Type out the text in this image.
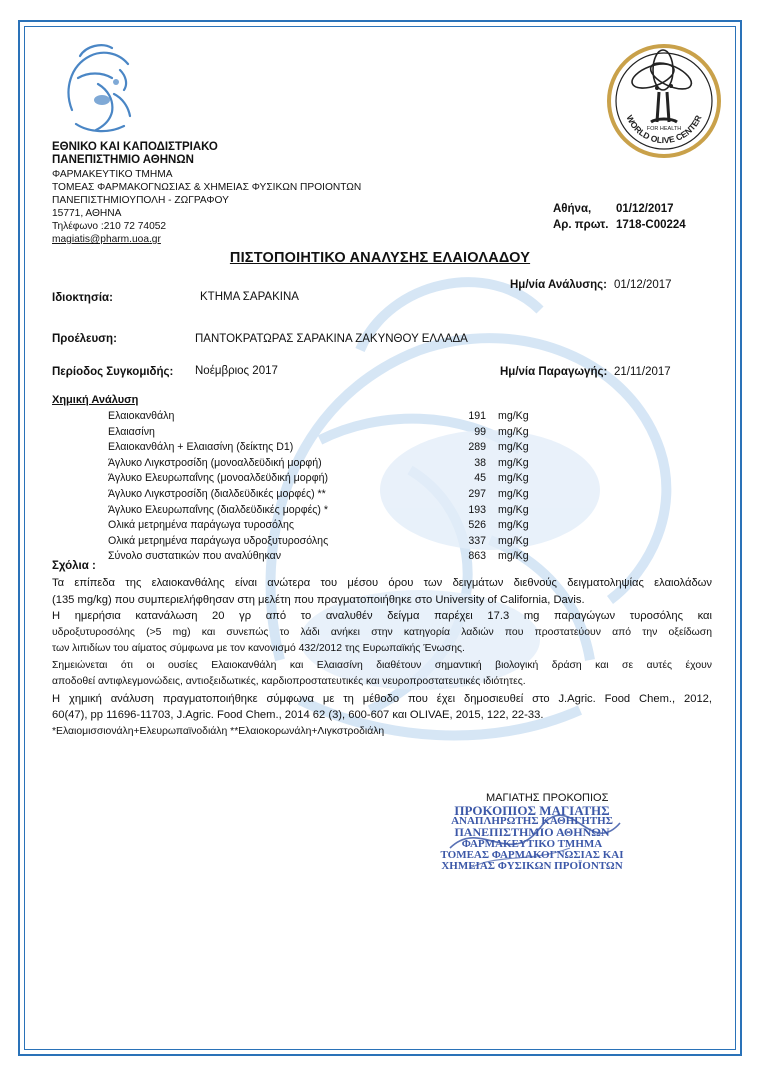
FOR HEALTH
WORLD OLIVE CENTER
ΕΘΝΙΚΟ ΚΑΙ ΚΑΠΟΔΙΣΤΡΙΑΚΟ
ΠΑΝΕΠΙΣΤΗΜΙΟ ΑΘΗΝΩΝ
ΦΑΡΜΑΚΕΥΤΙΚΟ ΤΜΗΜΑ
ΤΟΜΕΑΣ ΦΑΡΜΑΚΟΓΝΩΣΙΑΣ & ΧΗΜΕΙΑΣ ΦΥΣΙΚΩΝ ΠΡΟΙΟΝΤΩΝ
ΠΑΝΕΠΙΣΤΗΜΙΟΥΠΟΛΗ - ΖΩΓΡΑΦΟΥ
15771, ΑΘΗΝΑ
Τηλέφωνο :210 72 74052
magiatis@pharm.uoa.gr
Αθήνα, 01/12/2017
Αρ. πρωτ. 1718-C00224
ΠΙΣΤΟΠΟΙΗΤΙΚΟ ΑΝΑΛΥΣΗΣ ΕΛΑΙΟΛΑΔΟΥ
Ημ/νία Ανάλυσης: 01/12/2017
Ιδιοκτησία:	ΚΤΗΜΑ ΣΑΡΑΚΙΝΑ
Προέλευση:	ΠΑΝΤΟΚΡΑΤΩΡΑΣ ΣΑΡΑΚΙΝΑ ΖΑΚΥΝΘΟΥ ΕΛΛΑΔΑ
Περίοδος Συγκομιδής: Νοέμβριος 2017	Ημ/νία Παραγωγής: 21/11/2017
Χημική Ανάλυση
Ελαιοκανθάλη	191 mg/Kg
Ελαιασίνη	99 mg/Kg
Ελαιοκανθάλη + Ελαιασίνη (δείκτης D1)	289 mg/Kg
Άγλυκο Λιγκστροσίδη (μονοαλδεϋδική μορφή)	38 mg/Kg
Άγλυκο Ελευρωπαΐνης (μονοαλδεϋδική μορφή)	45 mg/Kg
Άγλυκο Λιγκστροσίδη (διαλδεϋδικές μορφές) **	297 mg/Kg
Άγλυκο Ελευρωπαΐνης (διαλδεϋδικές μορφές) *	193 mg/Kg
Ολικά μετρημένα παράγωγα τυροσόλης	526 mg/Kg
Ολικά μετρημένα παράγωγα υδροξυτυροσόλης	337 mg/Kg
Σύνολο συστατικών που αναλύθηκαν	863 mg/Kg
Σχόλια :

Τα επίπεδα της ελαιοκανθάλης είναι ανώτερα του μέσου όρου των δειγμάτων διεθνούς δειγματοληψίας ελαιολάδων

(135 mg/kg) που συμπεριελήφθησαν στη μελέτη που πραγματοποιήθηκε στο University of California, Davis.

Η ημερήσια κατανάλωση 20 γρ από το αναλυθέν δείγμα παρέχει 17.3 mg παραγώγων τυροσόλης και

υδροξυτυροσόλης (>5 mg) και συνεπώς το λάδι ανήκει στην κατηγορία λαδιών που προστατεύουν από την οξείδωση

των λιπιδίων του αίματος σύμφωνα με τον κανονισμό 432/2012 της Ευρωπαϊκής Ένωσης.

Σημειώνεται ότι οι ουσίες Ελαιοκανθάλη και Ελαιασίνη διαθέτουν σημαντική βιολογική δράση και σε αυτές έχουν

αποδοθεί αντιφλεγμονώδεις, αντιοξειδωτικές, καρδιοπροστατευτικές και νευροπροστατευτικές ιδιότητες.

Η χημική ανάλυση πραγματοποιήθηκε σύμφωνα με τη μέθοδο που έχει δημοσιευθεί στο J.Agric. Food Chem., 2012,

60(47), pp 11696-11703, J.Agric. Food Chem., 2014 62 (3), 600-607 και OLIVAE, 2015, 122, 22-33.

*Ελαιομισσιονάλη+Ελευρωπαϊνοδιάλη **Ελαιοκορωνάλη+Λιγκστροδιάλη

ΜΑΓΙΑΤΗΣ ΠΡΟΚΟΠΙΟΣ
ΠΡΟΚΟΠΙΟΣ ΜΑΓΙΑΤΗΣ
ΑΝΑΠΛΗΡΩΤΗΣ ΚΑΘΗΓΗΤΗΣ
ΠΑΝΕΠΙΣΤΗΜΙΟ ΑΘΗΝΩΝ
ΦΑΡΜΑΚΕΥΤΙΚΟ ΤΜΗΜΑ
ΤΟΜΕΑΣ ΦΑΡΜΑΚΟΓΝΩΣΙΑΣ ΚΑΙ
ΧΗΜΕΙΑΣ ΦΥΣΙΚΩΝ ΠΡΟΪΟΝΤΩΝ
